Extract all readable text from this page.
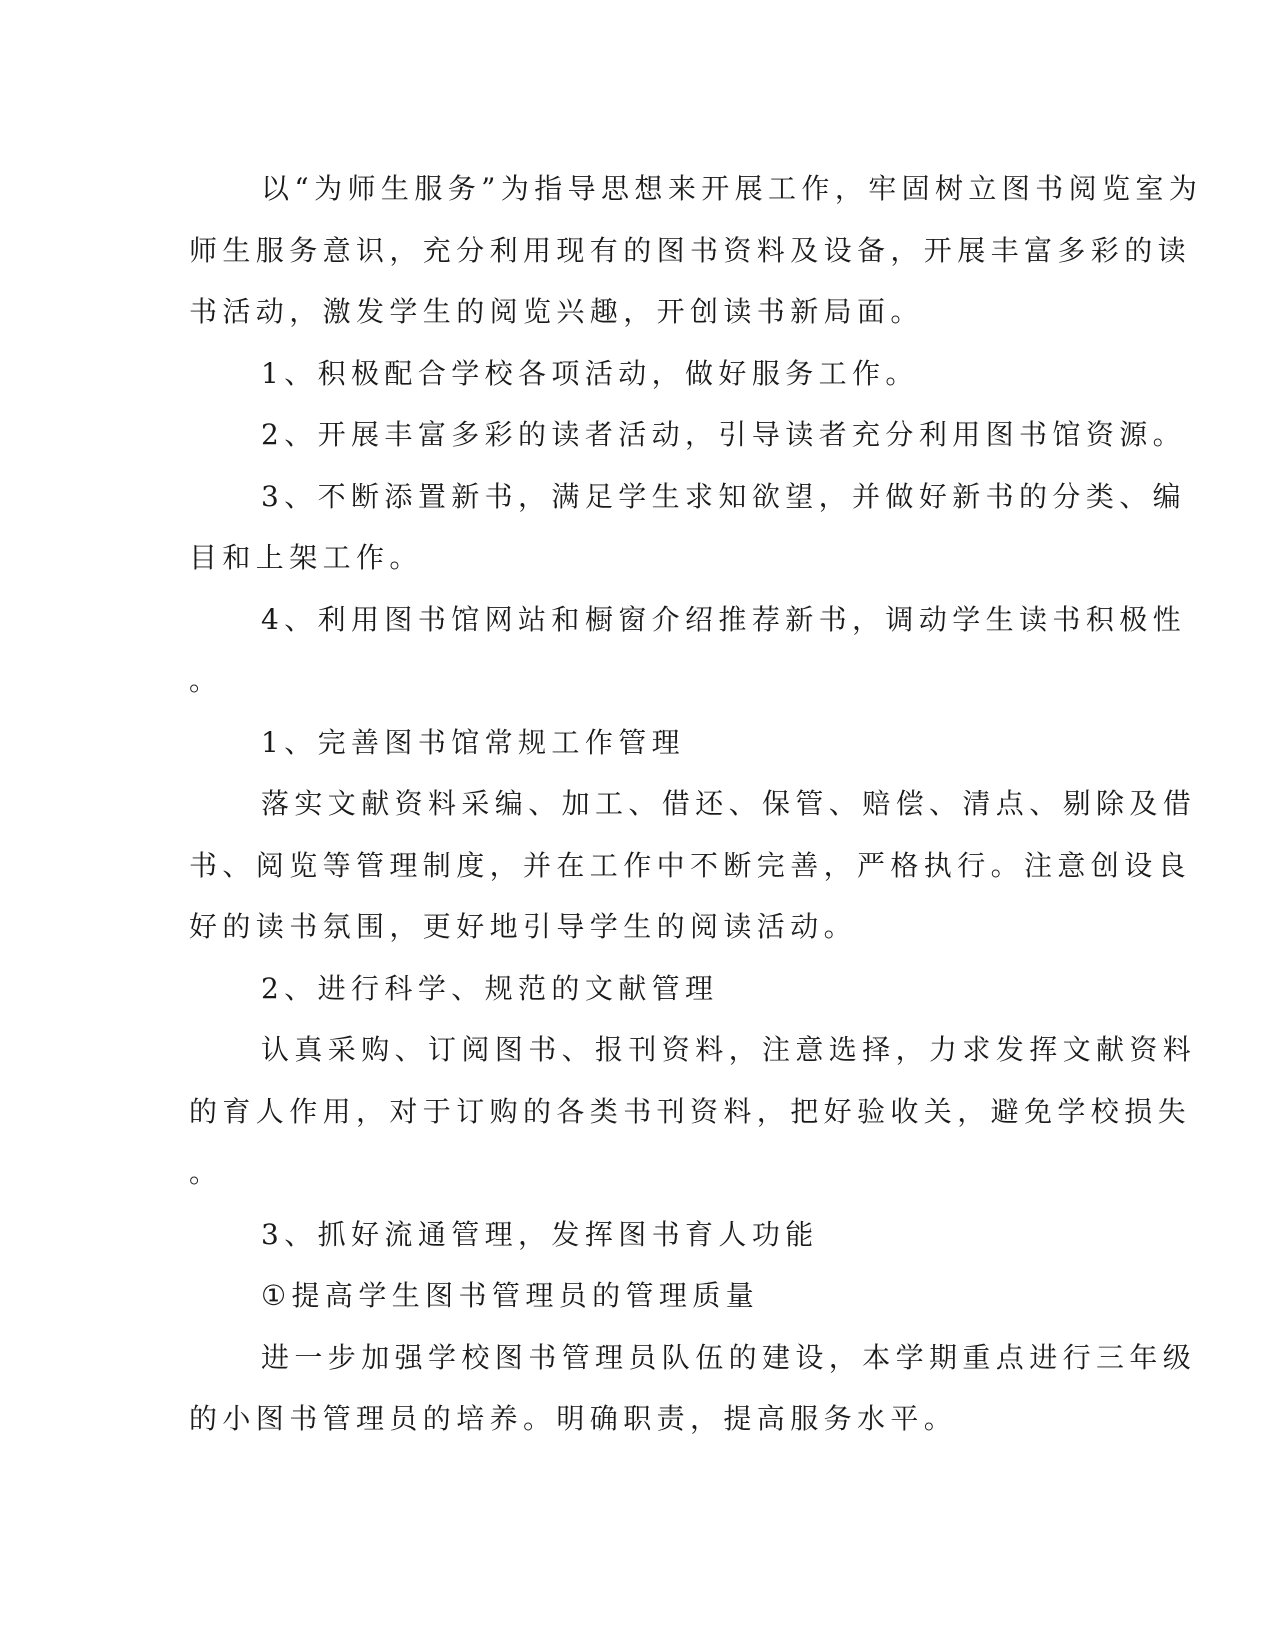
以“为师生服务”为指导思想来开展工作，牢固树立图书阅览室为
师生服务意识，充分利用现有的图书资料及设备，开展丰富多彩的读
书活动，激发学生的阅览兴趣，开创读书新局面。

1、积极配合学校各项活动，做好服务工作。

2、开展丰富多彩的读者活动，引导读者充分利用图书馆资源。

3、不断添置新书，满足学生求知欲望，并做好新书的分类、编
目和上架工作。

4、利用图书馆网站和橱窗介绍推荐新书，调动学生读书积极性
。

1、完善图书馆常规工作管理

落实文献资料采编、加工、借还、保管、赔偿、清点、剔除及借
书、阅览等管理制度，并在工作中不断完善，严格执行。注意创设良
好的读书氛围，更好地引导学生的阅读活动。

2、进行科学、规范的文献管理

认真采购、订阅图书、报刊资料，注意选择，力求发挥文献资料
的育人作用，对于订购的各类书刊资料，把好验收关，避免学校损失
。

3、抓好流通管理，发挥图书育人功能

①提高学生图书管理员的管理质量

进一步加强学校图书管理员队伍的建设，本学期重点进行三年级
的小图书管理员的培养。明确职责，提高服务水平。
